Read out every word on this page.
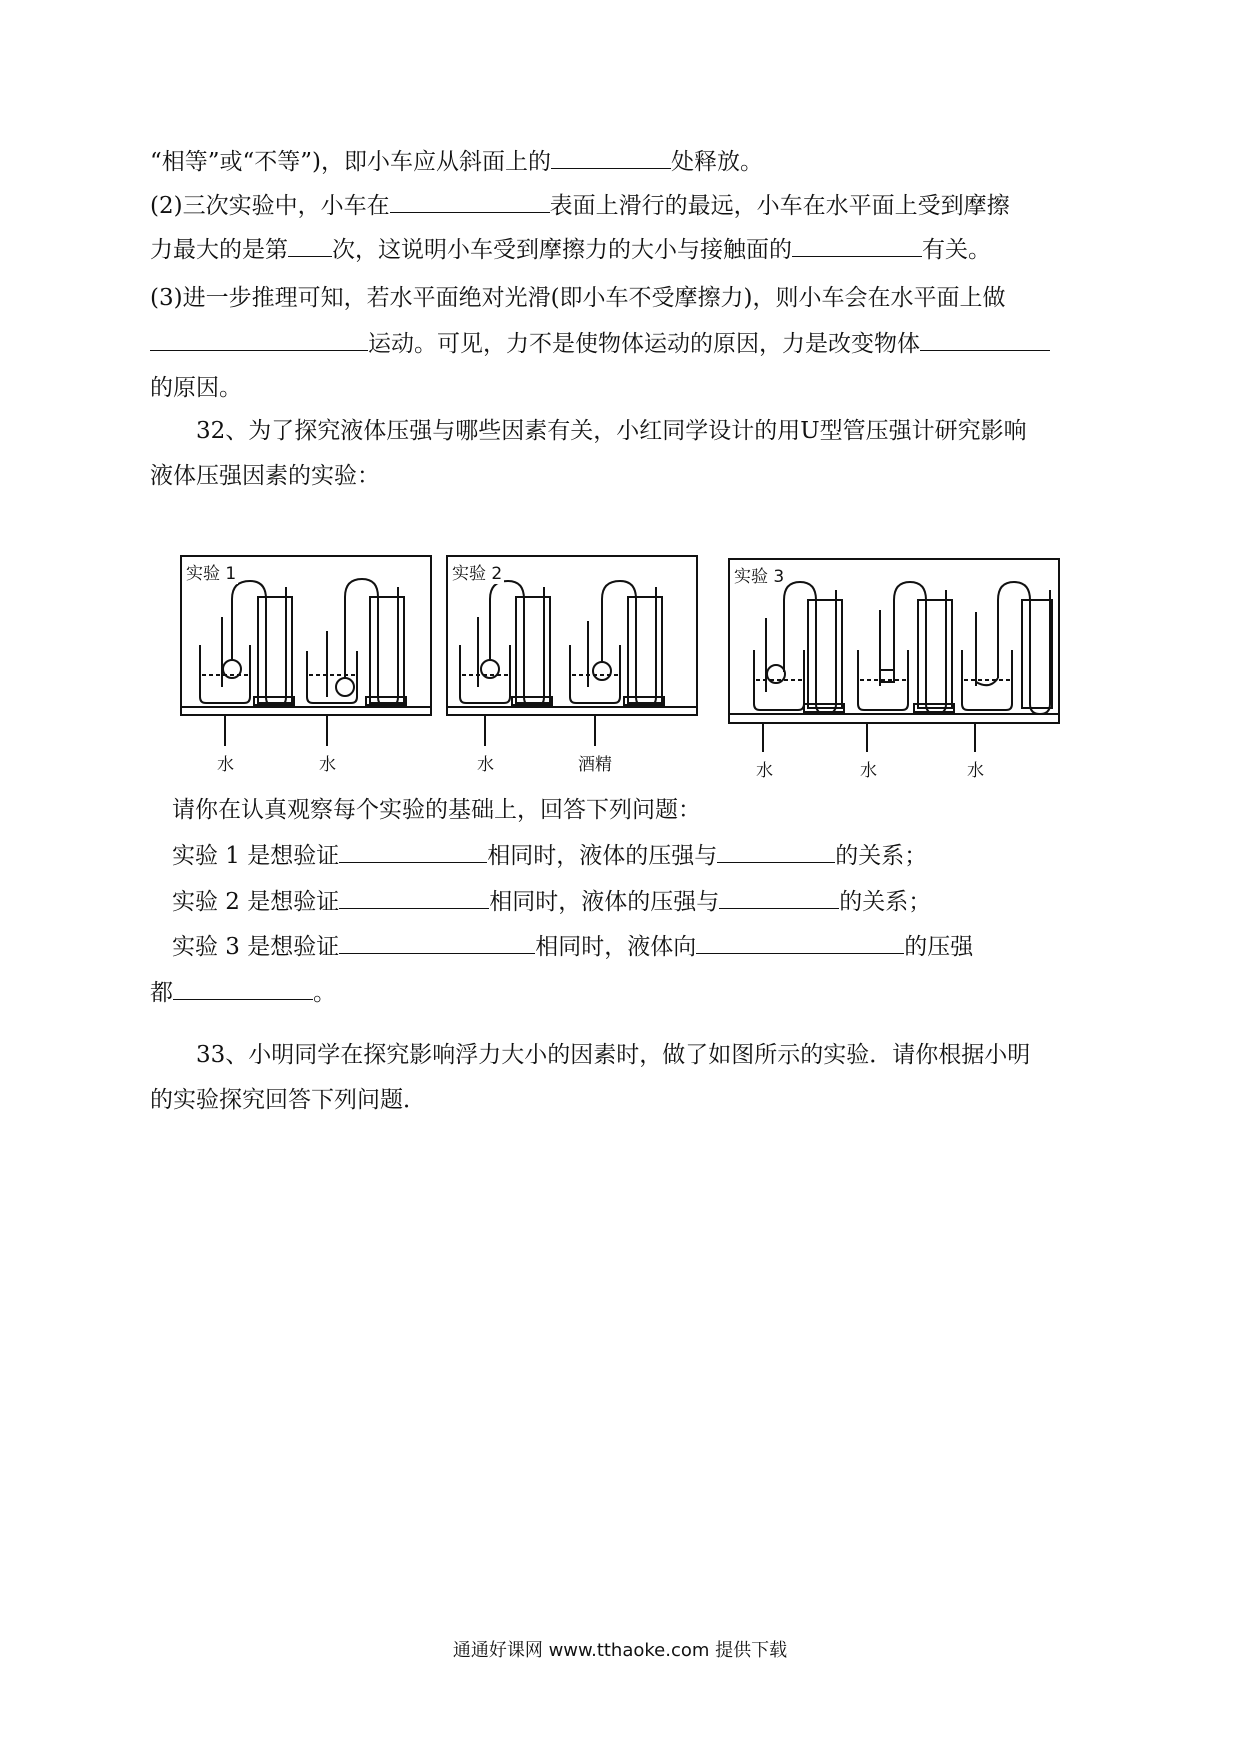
“相等”或“不等”)，即小车应从斜面上的	处释放。
(2)三次实验中，小车在	表面上滑行的最远，小车在水平面上受到摩擦
力最大的是第 次，这说明小车受到摩擦力的大小与接触面的	有关。
(3)进一步推理可知，若水平面绝对光滑(即小车不受摩擦力)，则小车会在水平面上做
运动。可见，力不是使物体运动的原因，力是改变物体
的原因。
32、为了探究液体压强与哪些因素有关，小红同学设计的用U型管压强计研究影响
液体压强因素的实验：
实验 1
水	水
实验 2
水	酒精
实验 3
水	水	水
请你在认真观察每个实验的基础上，回答下列问题：
实验 1 是想验证	相同时，液体的压强与	的关系；
实验 2 是想验证	相同时，液体的压强与	的关系；
实验 3 是想验证	相同时，液体向	的压强
都	。
33、小明同学在探究影响浮力大小的因素时，做了如图所示的实验．请你根据小明
的实验探究回答下列问题．
通通好课网 www.tthaoke.com 提供下载
